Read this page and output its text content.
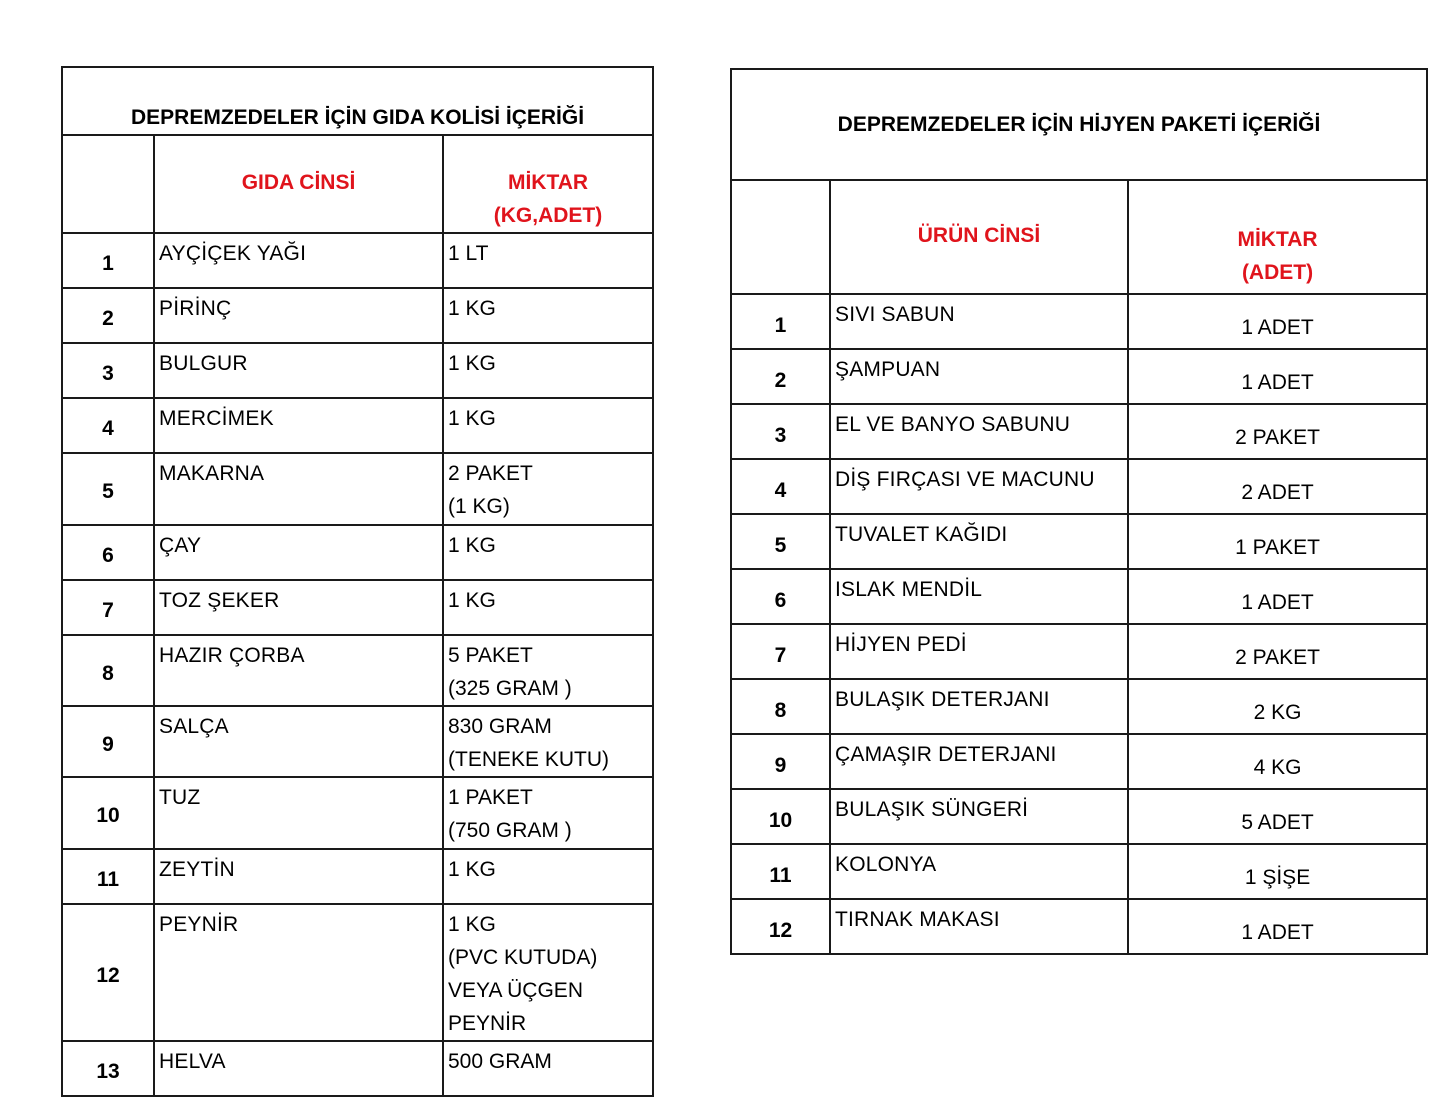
DEPREMZEDELER İÇİN GIDA KOLİSİ İÇERİĞİ		
	GIDA CİNSİ	MİKTAR
(KG,ADET)
1	AYÇİÇEK YAĞI	1 LT
2	PİRİNÇ	1 KG
3	BULGUR	1 KG
4	MERCİMEK	1 KG
5	MAKARNA	2 PAKET
(1 KG)
6	ÇAY	1 KG
7	TOZ ŞEKER	1 KG
8	HAZIR ÇORBA	5 PAKET
(325 GRAM )
9	SALÇA	830 GRAM
(TENEKE KUTU)
10	TUZ	1 PAKET
(750 GRAM )
11	ZEYTİN	1 KG
12	PEYNİR	1 KG
(PVC KUTUDA)
VEYA ÜÇGEN
PEYNİR
13	HELVA	500 GRAM
DEPREMZEDELER İÇİN HİJYEN PAKETİ İÇERİĞİ		
	ÜRÜN CİNSİ	MİKTAR
(ADET)
1	SIVI SABUN	1 ADET
2	ŞAMPUAN	1 ADET
3	EL VE BANYO SABUNU	2 PAKET
4	DİŞ FIRÇASI VE MACUNU	2 ADET
5	TUVALET KAĞIDI	1 PAKET
6	ISLAK MENDİL	1 ADET
7	HİJYEN PEDİ	2 PAKET
8	BULAŞIK DETERJANI	2 KG
9	ÇAMAŞIR DETERJANI	4 KG
10	BULAŞIK SÜNGERİ	5 ADET
11	KOLONYA	1 ŞİŞE
12	TIRNAK MAKASI	1 ADET
